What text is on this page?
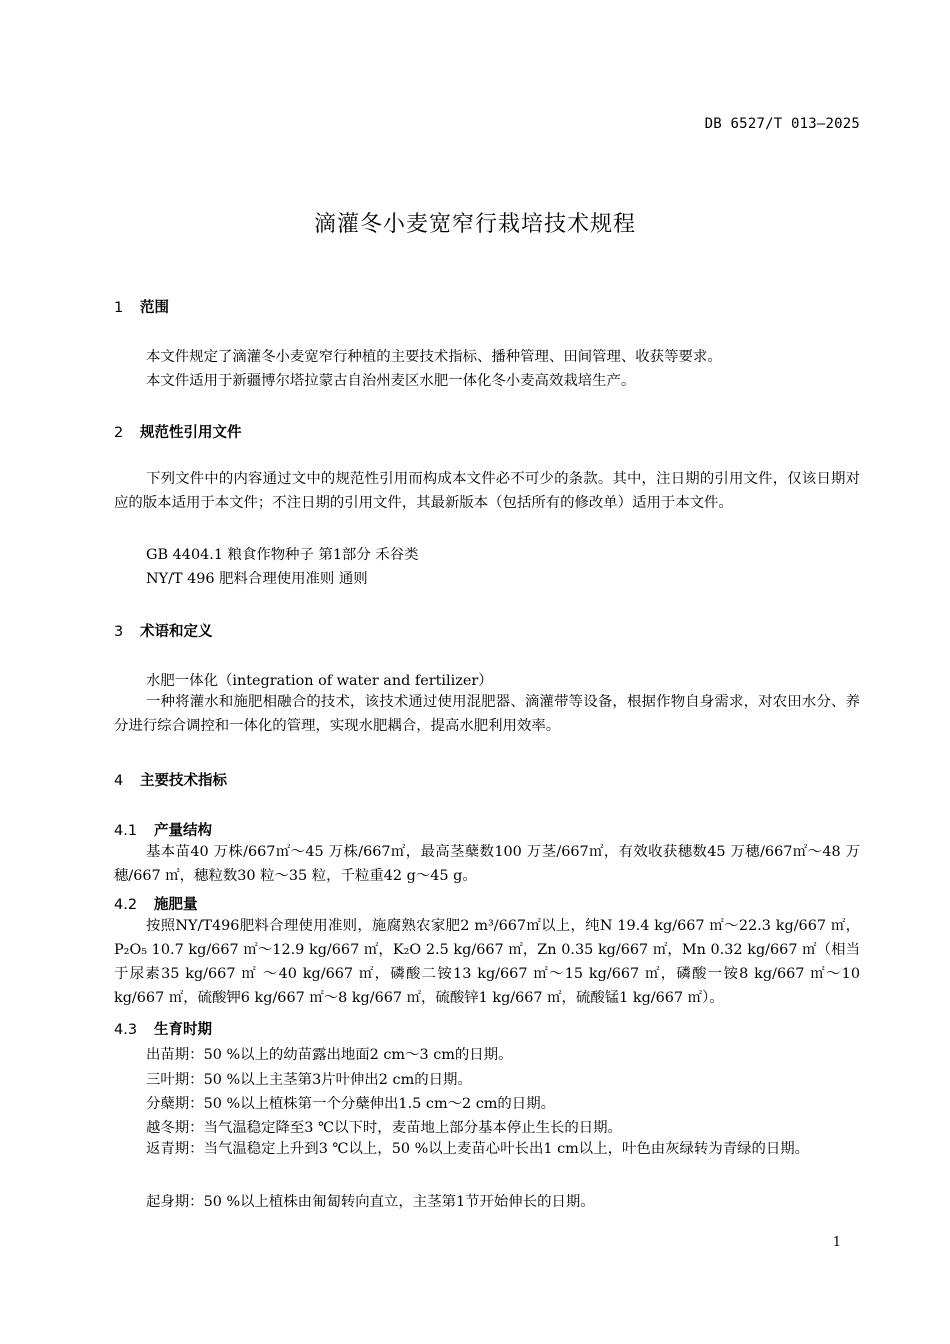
DB 6527/T 013—2025
滴灌冬小麦宽窄行栽培技术规程
1 范围
本文件规定了滴灌冬小麦宽窄行种植的主要技术指标、播种管理、田间管理、收获等要求。
本文件适用于新疆博尔塔拉蒙古自治州麦区水肥一体化冬小麦高效栽培生产。
2 规范性引用文件
下列文件中的内容通过文中的规范性引用而构成本文件必不可少的条款。其中，注日期的引用文件，仅该日期对应的版本适用于本文件；不注日期的引用文件，其最新版本（包括所有的修改单）适用于本文件。
GB 4404.1 粮食作物种子 第1部分 禾谷类
NY/T 496 肥料合理使用准则 通则
3 术语和定义
水肥一体化（integration of water and fertilizer）
一种将灌水和施肥相融合的技术，该技术通过使用混肥器、滴灌带等设备，根据作物自身需求，对农田水分、养分进行综合调控和一体化的管理，实现水肥耦合，提高水肥利用效率。
4 主要技术指标
4.1 产量结构
基本苗40 万株/667㎡～45 万株/667㎡，最高茎蘖数100 万茎/667㎡，有效收获穗数45 万穗/667㎡～48 万穗/667 ㎡，穗粒数30 粒～35 粒，千粒重42 g～45 g。
4.2 施肥量
按照NY/T496肥料合理使用准则，施腐熟农家肥2 m³/667㎡以上，纯N 19.4 kg/667 ㎡～22.3 kg/667 ㎡，P₂O₅ 10.7 kg/667 ㎡～12.9 kg/667 ㎡，K₂O 2.5 kg/667 ㎡，Zn 0.35 kg/667 ㎡，Mn 0.32 kg/667 ㎡（相当于尿素35 kg/667 ㎡ ～40 kg/667 ㎡，磷酸二铵13 kg/667 ㎡～15 kg/667 ㎡，磷酸一铵8 kg/667 ㎡～10 kg/667 ㎡，硫酸钾6 kg/667 ㎡～8 kg/667 ㎡，硫酸锌1 kg/667 ㎡，硫酸锰1 kg/667 ㎡）。
4.3 生育时期
出苗期：50 %以上的幼苗露出地面2 cm～3 cm的日期。
三叶期：50 %以上主茎第3片叶伸出2 cm的日期。
分蘖期：50 %以上植株第一个分蘖伸出1.5 cm～2 cm的日期。
越冬期：当气温稳定降至3 ℃以下时，麦苗地上部分基本停止生长的日期。
返青期：当气温稳定上升到3 ℃以上，50 %以上麦苗心叶长出1 cm以上，叶色由灰绿转为青绿的日期。
起身期：50 %以上植株由匍匐转向直立，主茎第1节开始伸长的日期。
1
